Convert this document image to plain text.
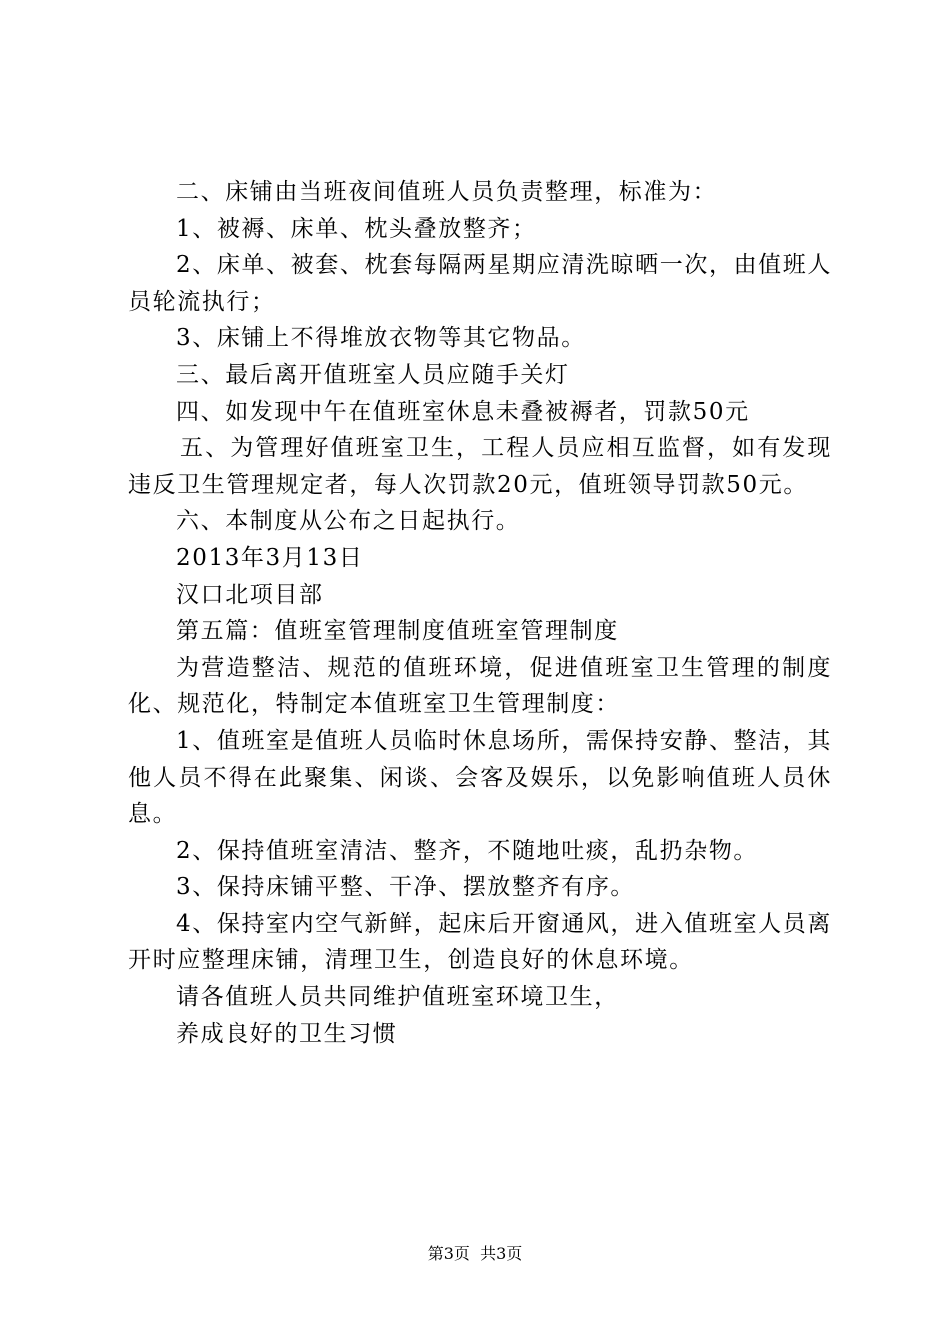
二、床铺由当班夜间值班人员负责整理，标准为：

1、被褥、床单、枕头叠放整齐；

2、床单、被套、枕套每隔两星期应清洗晾晒一次，由值班人员轮流执行；

3、床铺上不得堆放衣物等其它物品。

三、最后离开值班室人员应随手关灯

四、如发现中午在值班室休息未叠被褥者，罚款50元

五、为管理好值班室卫生，工程人员应相互监督，如有发现违反卫生管理规定者，每人次罚款20元，值班领导罚款50元。

六、本制度从公布之日起执行。

2013年3月13日

汉口北项目部

第五篇：值班室管理制度值班室管理制度

为营造整洁、规范的值班环境，促进值班室卫生管理的制度化、规范化，特制定本值班室卫生管理制度：

1、值班室是值班人员临时休息场所，需保持安静、整洁，其他人员不得在此聚集、闲谈、会客及娱乐，以免影响值班人员休息。

2、保持值班室清洁、整齐，不随地吐痰，乱扔杂物。

3、保持床铺平整、干净、摆放整齐有序。

4、保持室内空气新鲜，起床后开窗通风，进入值班室人员离开时应整理床铺，清理卫生，创造良好的休息环境。

请各值班人员共同维护值班室环境卫生，

养成良好的卫生习惯

第3页 共3页
